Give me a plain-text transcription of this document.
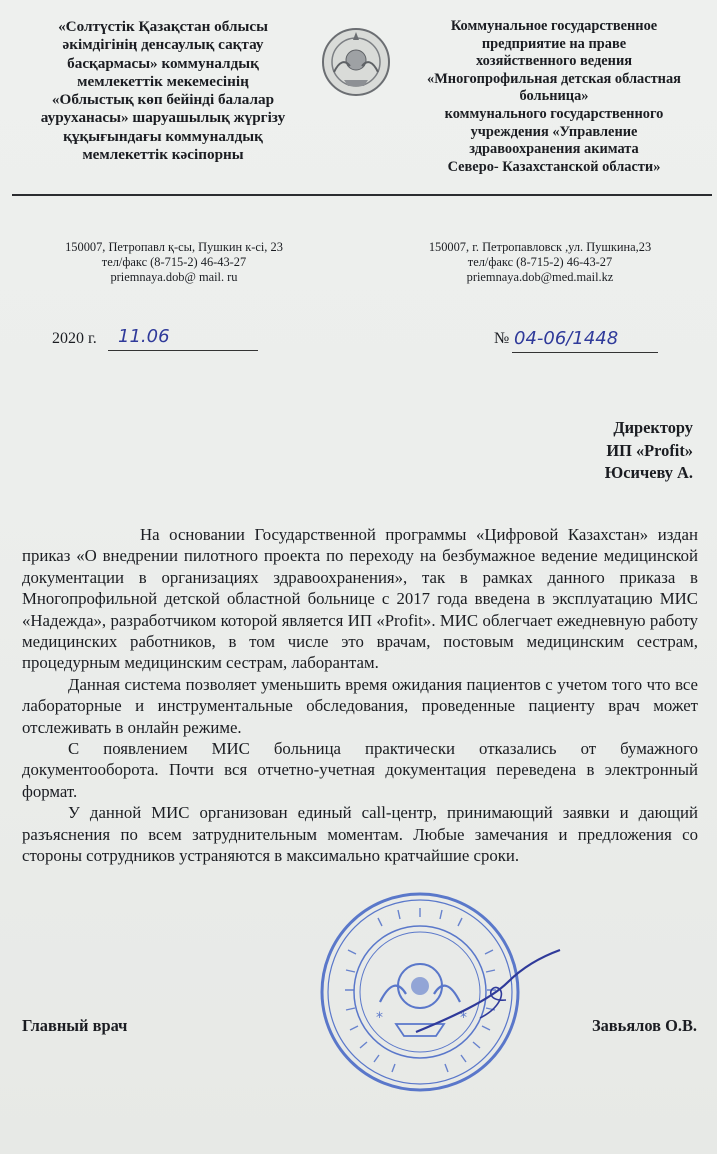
«Солтүстік Қазақстан облысы
әкімдігінің денсаулық сақтау
басқармасы» коммуналдық
мемлекеттік мекемесінің
«Облыстық көп бейінді балалар
ауруханасы» шаруашылық жүргізу
құқығындағы коммуналдық
мемлекеттік кәсіпорны
Коммунальное государственное
предприятие на праве
хозяйственного ведения
«Многопрофильная детская областная
больница»
коммунального государственного
учреждения «Управление
здравоохранения акимата
Северо- Казахстанской области»
150007, Петропавл қ-сы, Пушкин к-сі, 23
тел/факс (8-715-2) 46-43-27
priemnaya.dob@ mail. ru
150007, г. Петропавловск ,ул. Пушкина,23
тел/факс (8-715-2) 46-43-27
priemnaya.dob@med.mail.kz
2020 г. 11.06	№ 04-06/1448
Директору
ИП «Profit»
Юсичеву А.

На основании Государственной программы «Цифровой Казахстан» издан приказ «О внедрении пилотного проекта по переходу на безбумажное ведение медицинской документации в организациях здравоохранения», так в рамках данного приказа в Многопрофильной детской областной больнице с 2017 года введена в эксплуатацию МИС «Надежда», разработчиком которой является ИП «Profit». МИС облегчает ежедневную работу медицинских работников, в том числе это врачам, постовым медицинским сестрам, процедурным медицинским сестрам, лаборантам.

Данная система позволяет уменьшить время ожидания пациентов с учетом того что все лабораторные и инструментальные обследования, проведенные пациенту врач может отслеживать в онлайн режиме.

С появлением МИС больница практически отказались от бумажного документооборота. Почти вся отчетно-учетная документация переведена в электронный формат.

У данной МИС организован единый call-центр, принимающий заявки и дающий разъяснения по всем затруднительным моментам. Любые замечания и предложения со стороны сотрудников устраняются в максимально кратчайшие сроки.

*	*
Главный врач	Завьялов О.В.
